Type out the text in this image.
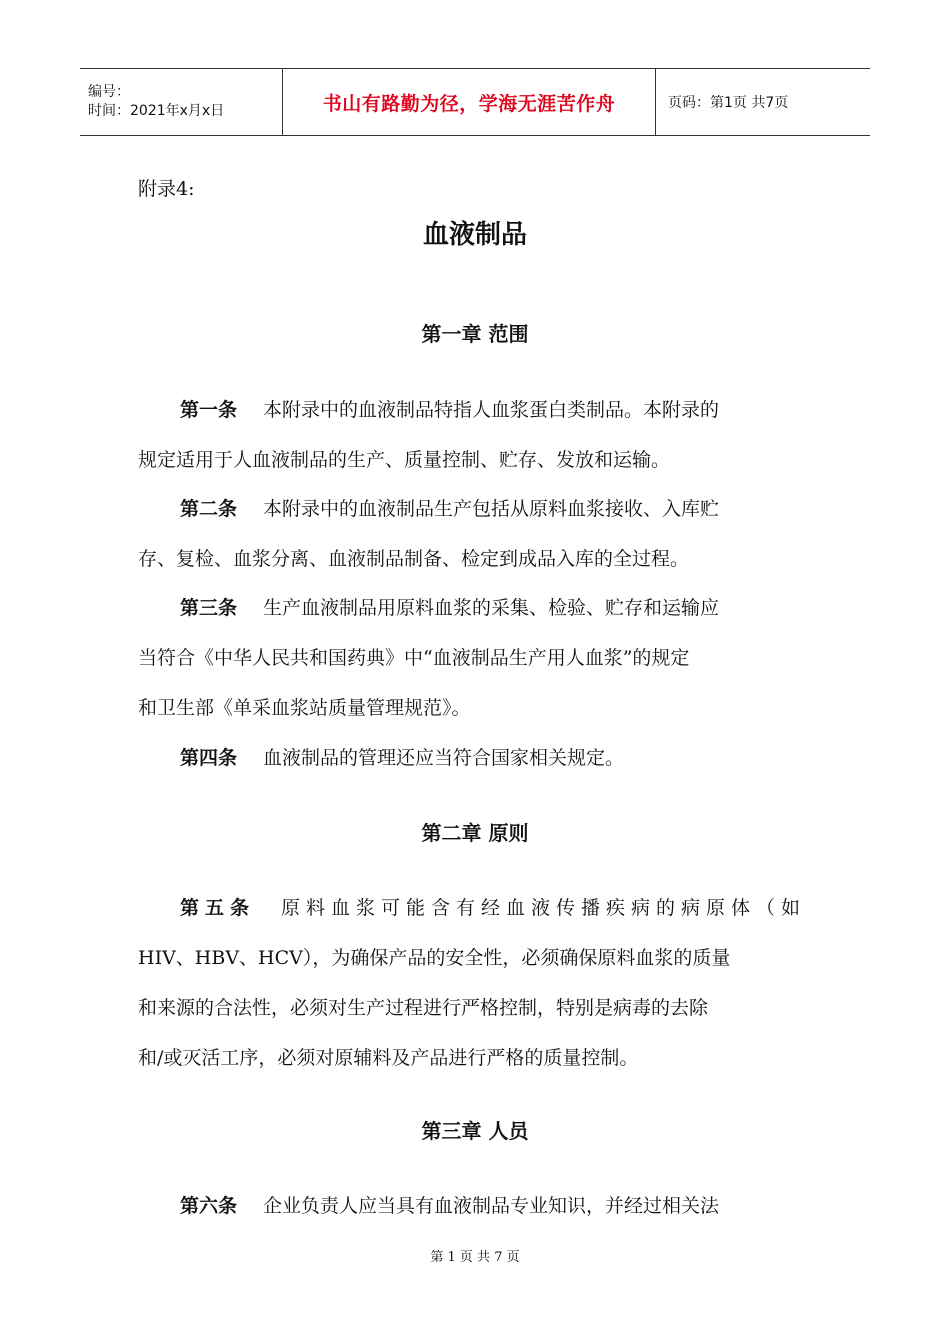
编号：
时间：2021年x月x日	书山有路勤为径，学海无涯苦作舟	页码：第1页 共7页
附录4:
血液制品
第一章 范围
第一条 本附录中的血液制品特指人血浆蛋白类制品。本附录的
规定适用于人血液制品的生产、质量控制、贮存、发放和运输。
第二条 本附录中的血液制品生产包括从原料血浆接收、入库贮
存、复检、血浆分离、血液制品制备、检定到成品入库的全过程。
第三条 生产血液制品用原料血浆的采集、检验、贮存和运输应
当符合《中华人民共和国药典》中“血液制品生产用人血浆”的规定
和卫生部《单采血浆站质量管理规范》。
第四条 血液制品的管理还应当符合国家相关规定。
第二章 原则
第五条 原料血浆可能含有经血液传播疾病的病原体（如
HIV、HBV、HCV），为确保产品的安全性，必须确保原料血浆的质量
和来源的合法性，必须对生产过程进行严格控制，特别是病毒的去除
和/或灭活工序，必须对原辅料及产品进行严格的质量控制。
第三章 人员
第六条 企业负责人应当具有血液制品专业知识，并经过相关法
第 1 页 共 7 页
